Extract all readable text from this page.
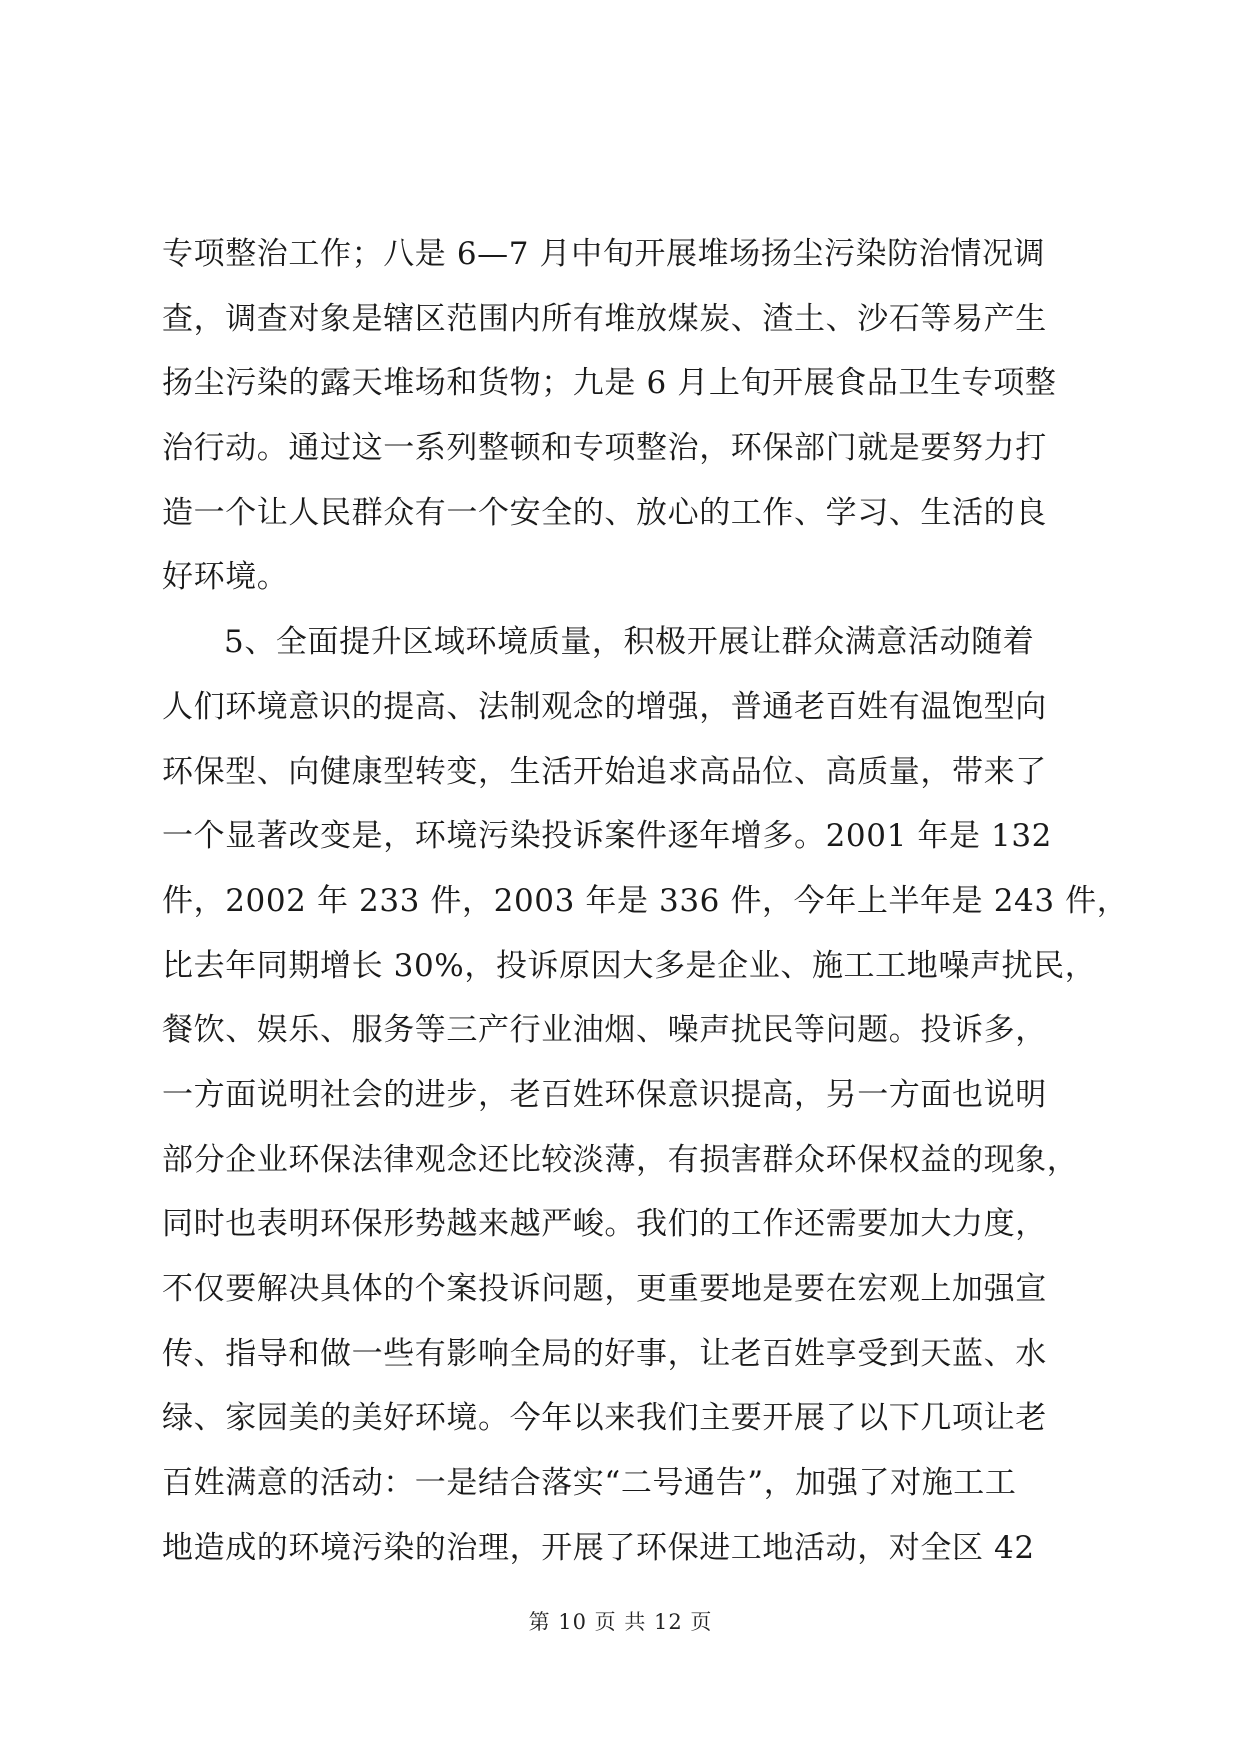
专项整治工作；八是 6—7 月中旬开展堆场扬尘污染防治情况调
查，调查对象是辖区范围内所有堆放煤炭、渣土、沙石等易产生
扬尘污染的露天堆场和货物；九是 6 月上旬开展食品卫生专项整
治行动。通过这一系列整顿和专项整治，环保部门就是要努力打
造一个让人民群众有一个安全的、放心的工作、学习、生活的良
好环境。
5、全面提升区域环境质量，积极开展让群众满意活动随着
人们环境意识的提高、法制观念的增强，普通老百姓有温饱型向
环保型、向健康型转变，生活开始追求高品位、高质量，带来了
一个显著改变是，环境污染投诉案件逐年增多。2001 年是 132
件，2002 年 233 件，2003 年是 336 件，今年上半年是 243 件，
比去年同期增长 30%，投诉原因大多是企业、施工工地噪声扰民，
餐饮、娱乐、服务等三产行业油烟、噪声扰民等问题。投诉多，
一方面说明社会的进步，老百姓环保意识提高，另一方面也说明
部分企业环保法律观念还比较淡薄，有损害群众环保权益的现象，
同时也表明环保形势越来越严峻。我们的工作还需要加大力度，
不仅要解决具体的个案投诉问题，更重要地是要在宏观上加强宣
传、指导和做一些有影响全局的好事，让老百姓享受到天蓝、水
绿、家园美的美好环境。今年以来我们主要开展了以下几项让老
百姓满意的活动：一是结合落实“二号通告”，加强了对施工工
地造成的环境污染的治理，开展了环保进工地活动，对全区 42
第 10 页 共 12 页
